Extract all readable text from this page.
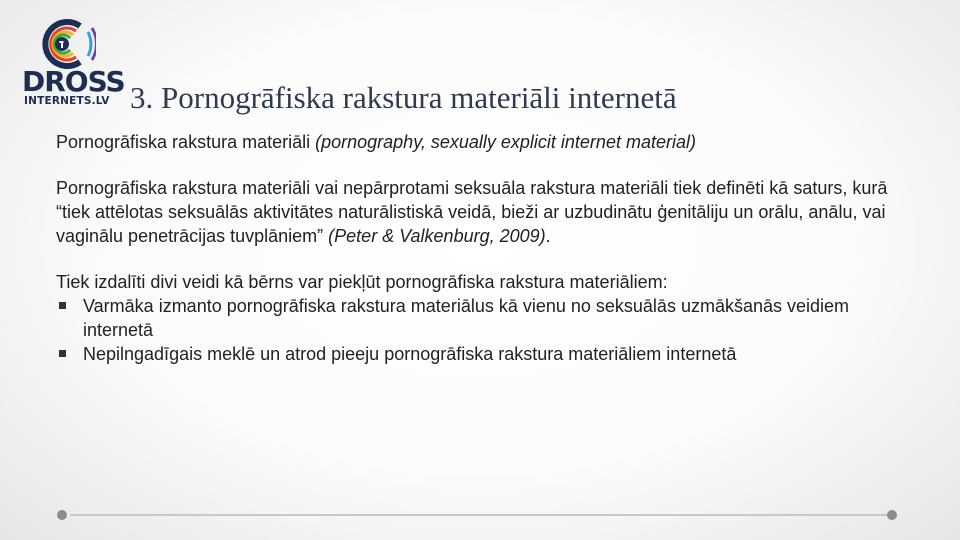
DROSS
INTERNETS.LV 3. Pornogrāfiska rakstura materiāli internetā

Pornogrāfiska rakstura materiāli (pornography, sexually explicit internet material)

Pornogrāfiska rakstura materiāli vai nepārprotami seksuāla rakstura materiāli tiek definēti kā saturs, kurā “tiek attēlotas seksuālās aktivitātes naturālistiskā veidā, bieži ar uzbudinātu ģenitāliju un orālu, anālu, vai vaginālu penetrācijas tuvplāniem” (Peter & Valkenburg, 2009).

Tiek izdalīti divi veidi kā bērns var piekļūt pornogrāfiska rakstura materiāliem:

Varmāka izmanto pornogrāfiska rakstura materiālus kā vienu no seksuālās uzmākšanās veidiem internetā
Nepilngadīgais meklē un atrod pieeju pornogrāfiska rakstura materiāliem internetā
